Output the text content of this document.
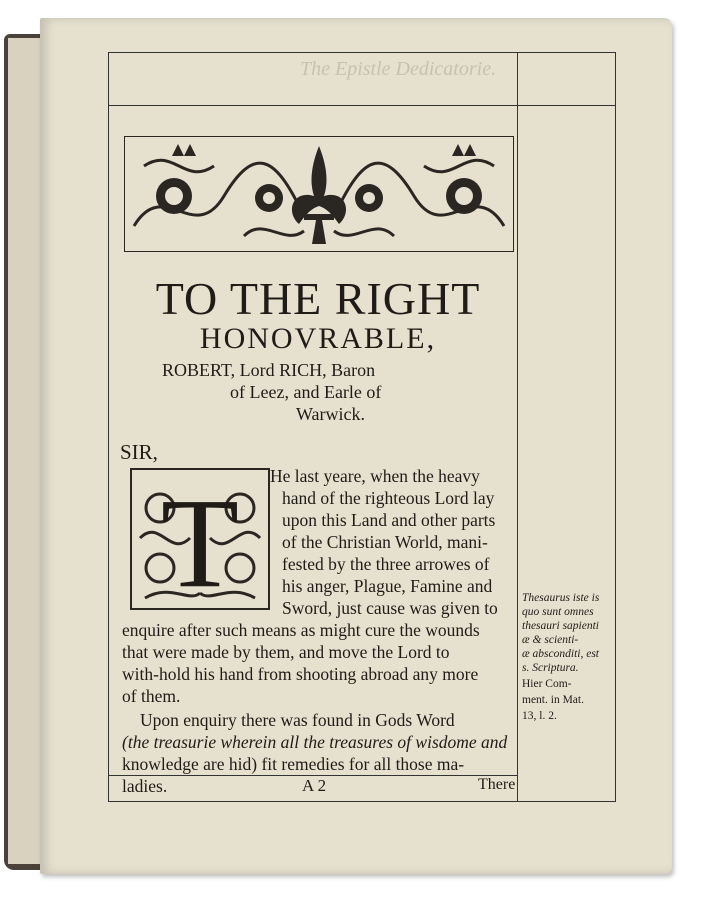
The Epistle Dedicatorie.
TO THE RIGHT
HONOVRABLE,
ROBERT, Lord RICH, Baron
of Leez, and Earle of
Warwick.
SIR,
T He last yeare, when the heavy
hand of the righteous Lord lay
upon this Land and other parts
of the Christian World, mani-
fested by the three arrowes of
his anger, Plague, Famine and
Sword, just cause was given to
enquire after such means as might cure the wounds
that were made by them, and move the Lord to
with-hold his hand from shooting abroad any more
of them.
Upon enquiry there was found in Gods Word
(the treasurie wherein all the treasures of wisdome and
knowledge are hid) fit remedies for all those ma-
ladies.
Thesaurus iste is
quo sunt omnes
thesauri sapienti
æ & scienti-
æ absconditi, est
s. Scriptura.
Hier Com-
ment. in Mat.
13, l. 2.
A 2	There
